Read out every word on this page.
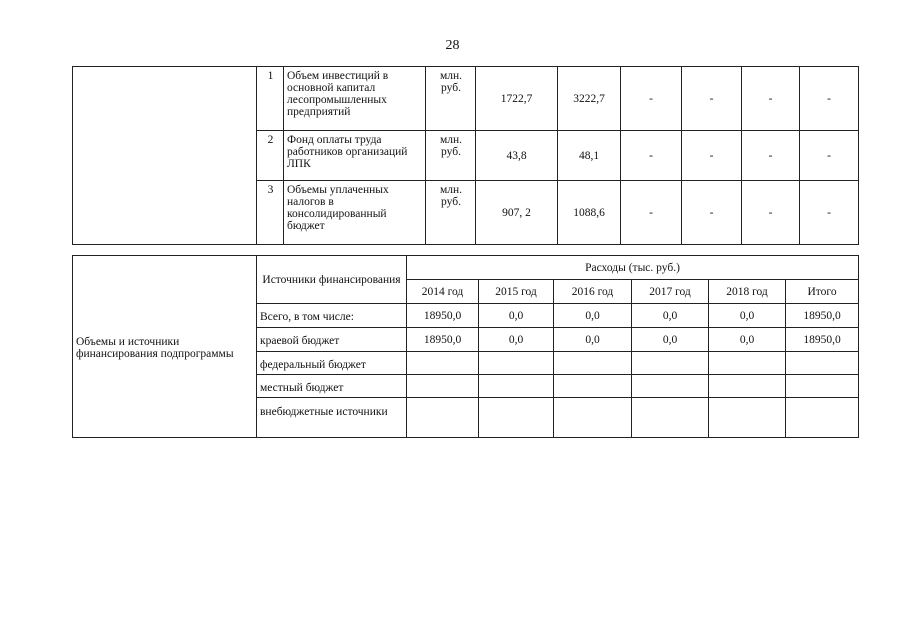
28
	1	Объем инвестиций в основной капитал лесопромышленных предприятий	млн. руб.	1722,7	3222,7	-	-	-	-
	2	Фонд оплаты труда работников организаций ЛПК	млн. руб.	43,8	48,1	-	-	-	-
	3	Объемы уплаченных налогов в консолидированный бюджет	млн. руб.	907, 2	1088,6	-	-	-	-
Объемы и источники финансирования подпрограммы	Источники финансирования	Расходы (тыс. руб.)					
		2014 год	2015 год	2016 год	2017 год	2018 год	Итого
	Всего, в том числе:	18950,0	0,0	0,0	0,0	0,0	18950,0
	краевой бюджет	18950,0	0,0	0,0	0,0	0,0	18950,0
	федеральный бюджет						
	местный бюджет						
	внебюджетные источники						
